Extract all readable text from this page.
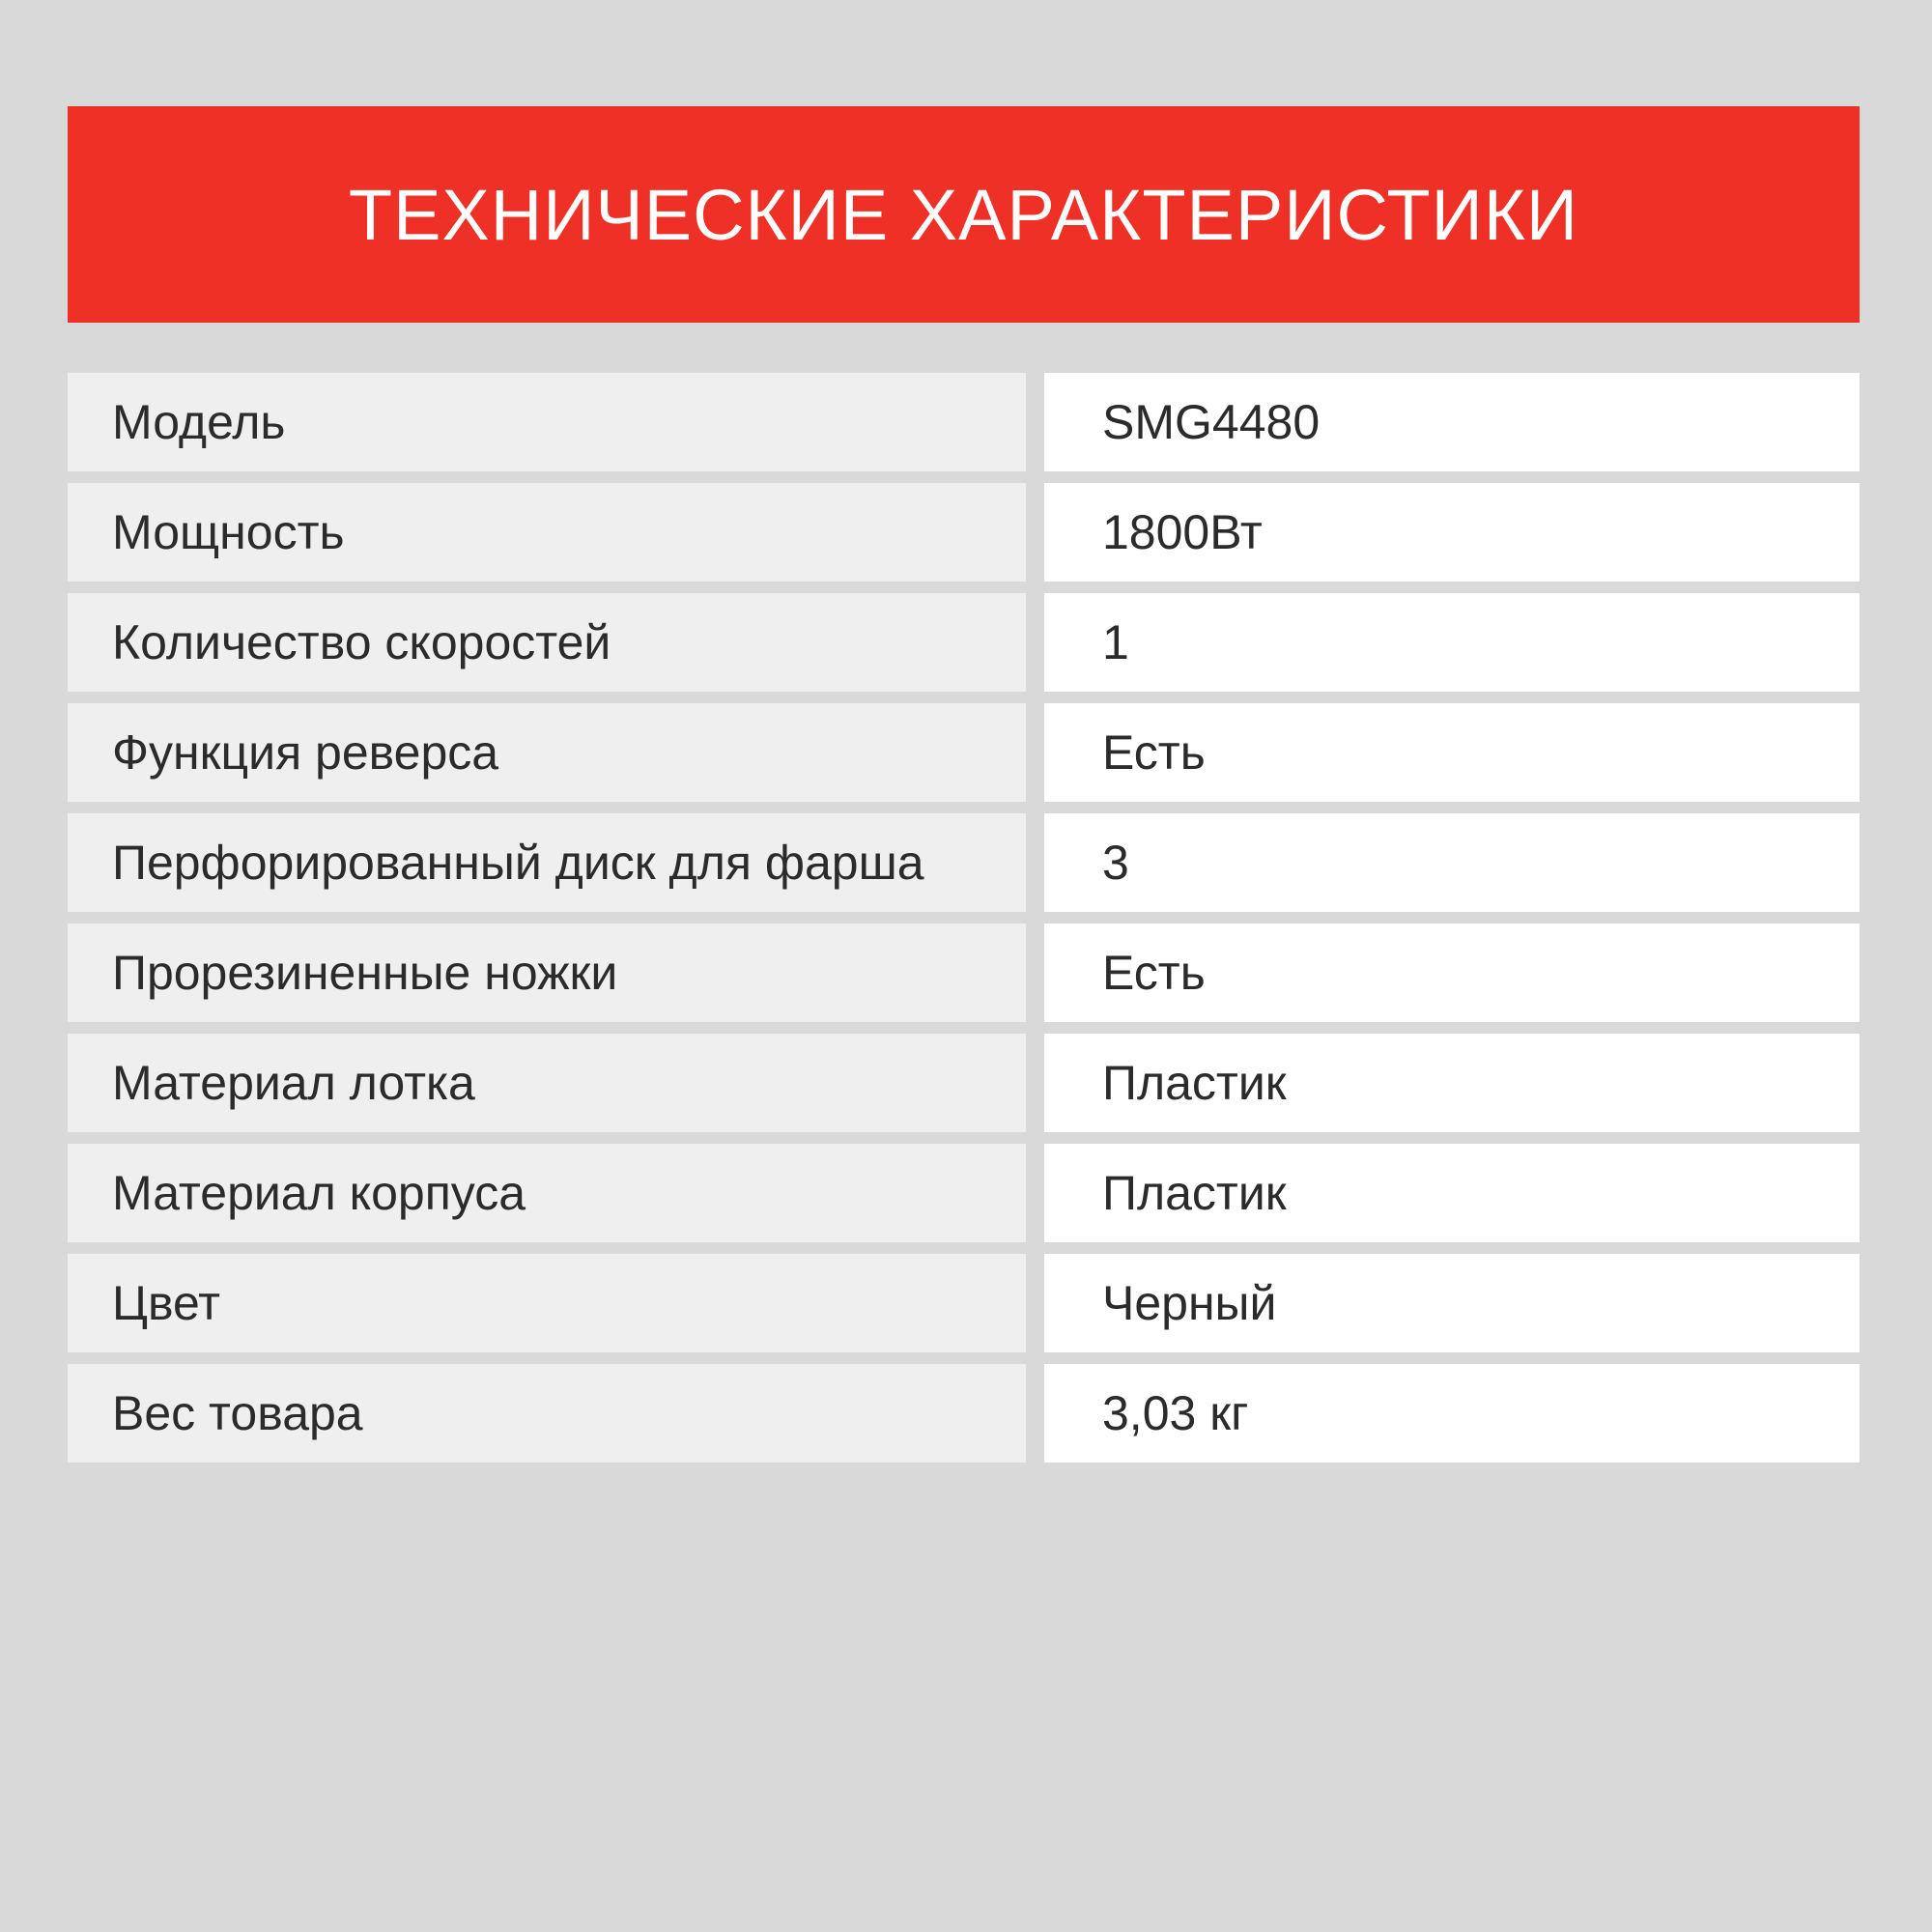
ТЕХНИЧЕСКИЕ ХАРАКТЕРИСТИКИ
Модель	SMG4480
Мощность	1800Вт
Количество скоростей	1
Функция реверса	Есть
Перфорированный диск для фарша	3
Прорезиненные ножки	Есть
Материал лотка	Пластик
Материал корпуса	Пластик
Цвет	Черный
Вес товара	3,03 кг
